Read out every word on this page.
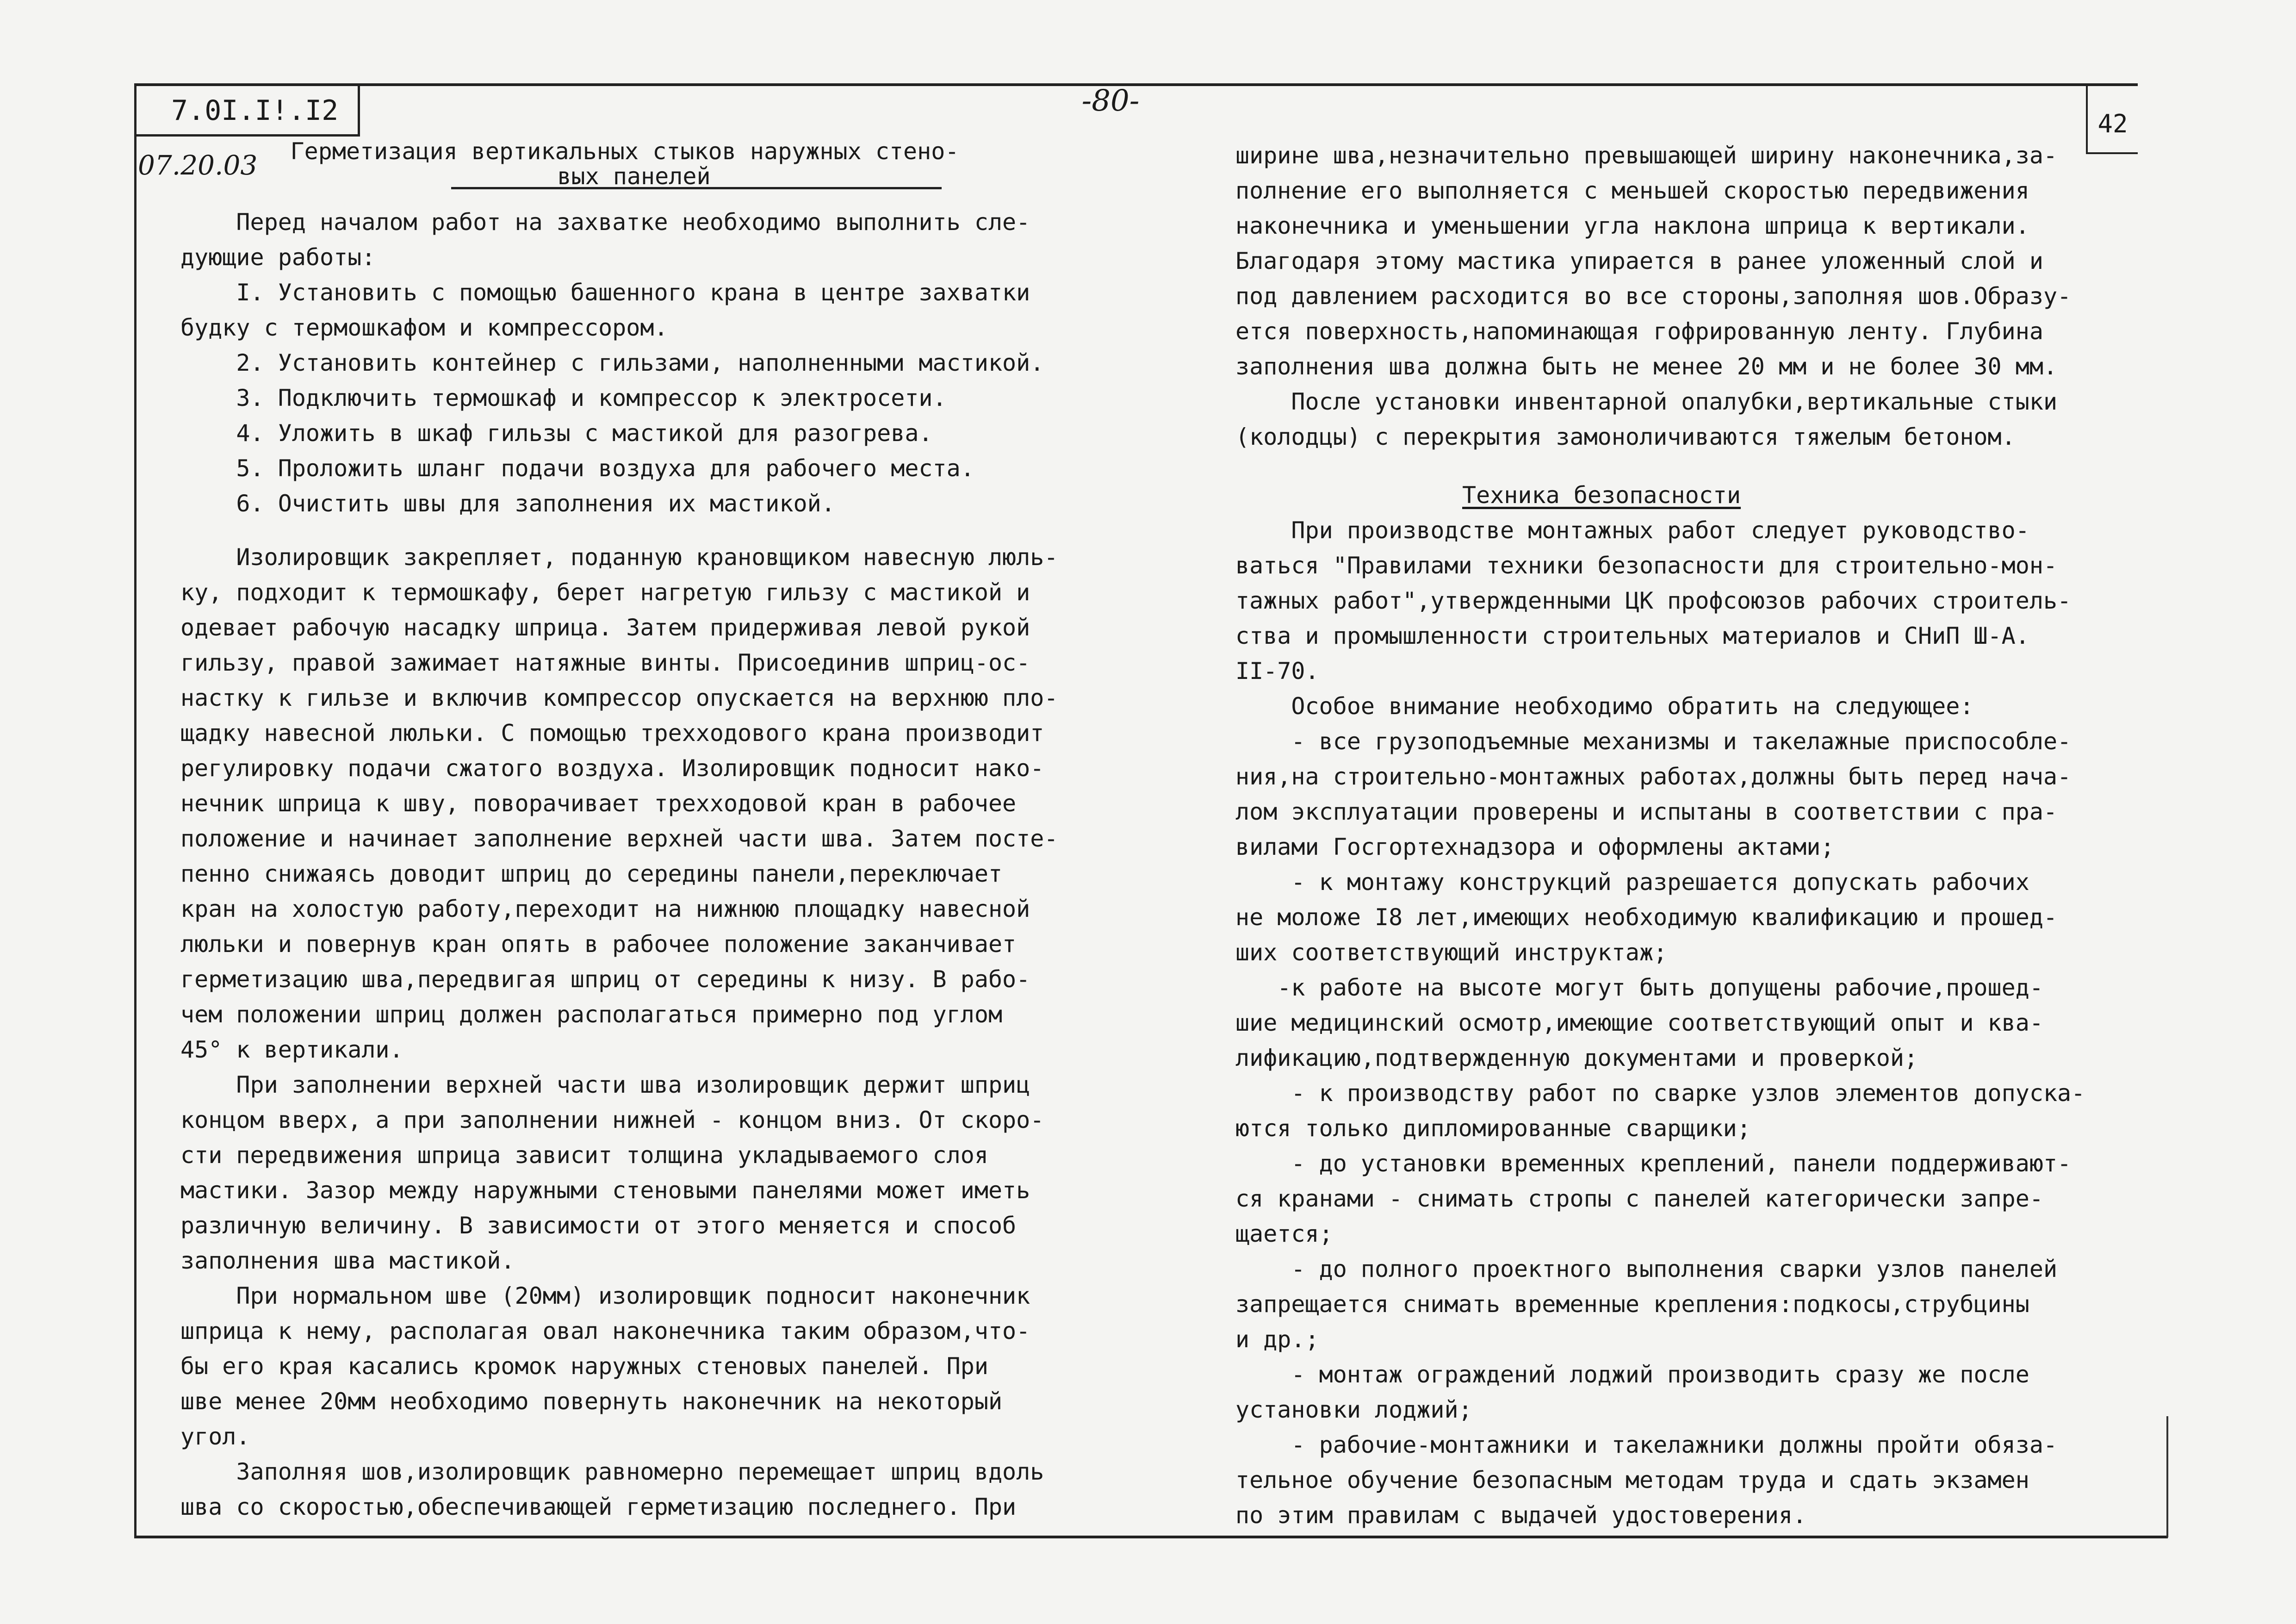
7.0I.I!.I2	-80-
42
07.20.03	Герметизация вертикальных стыков наружных стено-
вых панелей
Перед началом работ на захватке необходимо выполнить сле-
дующие работы:
I. Установить с помощью башенного крана в центре захватки
будку с термошкафом и компрессором.
2. Установить контейнер с гильзами, наполненными мастикой.
3. Подключить термошкаф и компрессор к электросети.
4. Уложить в шкаф гильзы с мастикой для разогрева.
5. Проложить шланг подачи воздуха для рабочего места.
6. Очистить швы для заполнения их мастикой.
Изолировщик закрепляет, поданную крановщиком навесную люль-
ку, подходит к термошкафу, берет нагретую гильзу с мастикой и
одевает рабочую насадку шприца. Затем придерживая левой рукой
гильзу, правой зажимает натяжные винты. Присоединив шприц-ос-
настку к гильзе и включив компрессор опускается на верхнюю пло-
щадку навесной люльки. С помощью трехходового крана производит
регулировку подачи сжатого воздуха. Изолировщик подносит нако-
нечник шприца к шву, поворачивает трехходовой кран в рабочее
положение и начинает заполнение верхней части шва. Затем посте-
пенно снижаясь доводит шприц до середины панели,переключает
кран на холостую работу,переходит на нижнюю площадку навесной
люльки и повернув кран опять в рабочее положение заканчивает
герметизацию шва,передвигая шприц от середины к низу. В рабо-
чем положении шприц должен располагаться примерно под углом
45° к вертикали.
При заполнении верхней части шва изолировщик держит шприц
концом вверх, а при заполнении нижней - концом вниз. От скоро-
сти передвижения шприца зависит толщина укладываемого слоя
мастики. Зазор между наружными стеновыми панелями может иметь
различную величину. В зависимости от этого меняется и способ
заполнения шва мастикой.
При нормальном шве (20мм) изолировщик подносит наконечник
шприца к нему, располагая овал наконечника таким образом,что-
бы его края касались кромок наружных стеновых панелей. При
шве менее 20мм необходимо повернуть наконечник на некоторый
угол.
Заполняя шов,изолировщик равномерно перемещает шприц вдоль
шва со скоростью,обеспечивающей герметизацию последнего. При
ширине шва,незначительно превышающей ширину наконечника,за-
полнение его выполняется с меньшей скоростью передвижения
наконечника и уменьшении угла наклона шприца к вертикали.
Благодаря этому мастика упирается в ранее уложенный слой и
под давлением расходится во все стороны,заполняя шов.Образу-
ется поверхность,напоминающая гофрированную ленту. Глубина
заполнения шва должна быть не менее 20 мм и не более 30 мм.
После установки инвентарной опалубки,вертикальные стыки
(колодцы) с перекрытия замоноличиваются тяжелым бетоном.
Техника безопасности
При производстве монтажных работ следует руководство-
ваться "Правилами техники безопасности для строительно-мон-
тажных работ",утвержденными ЦК профсоюзов рабочих строитель-
ства и промышленности строительных материалов и СНиП Ш-А.
II-70.
Особое внимание необходимо обратить на следующее:
- все грузоподъемные механизмы и такелажные приспособле-
ния,на строительно-монтажных работах,должны быть перед нача-
лом эксплуатации проверены и испытаны в соответствии с пра-
вилами Госгортехнадзора и оформлены актами;
- к монтажу конструкций разрешается допускать рабочих
не моложе I8 лет,имеющих необходимую квалификацию и прошед-
ших соответствующий инструктаж;
-к работе на высоте могут быть допущены рабочие,прошед-
шие медицинский осмотр,имеющие соответствующий опыт и ква-
лификацию,подтвержденную документами и проверкой;
- к производству работ по сварке узлов элементов допуска-
ются только дипломированные сварщики;
- до установки временных креплений, панели поддерживают-
ся кранами - снимать стропы с панелей категорически запре-
щается;
- до полного проектного выполнения сварки узлов панелей
запрещается снимать временные крепления:подкосы,струбцины
и др.;
- монтаж ограждений лоджий производить сразу же после
установки лоджий;
- рабочие-монтажники и такелажники должны пройти обяза-
тельное обучение безопасным методам труда и сдать экзамен
по этим правилам с выдачей удостоверения.
